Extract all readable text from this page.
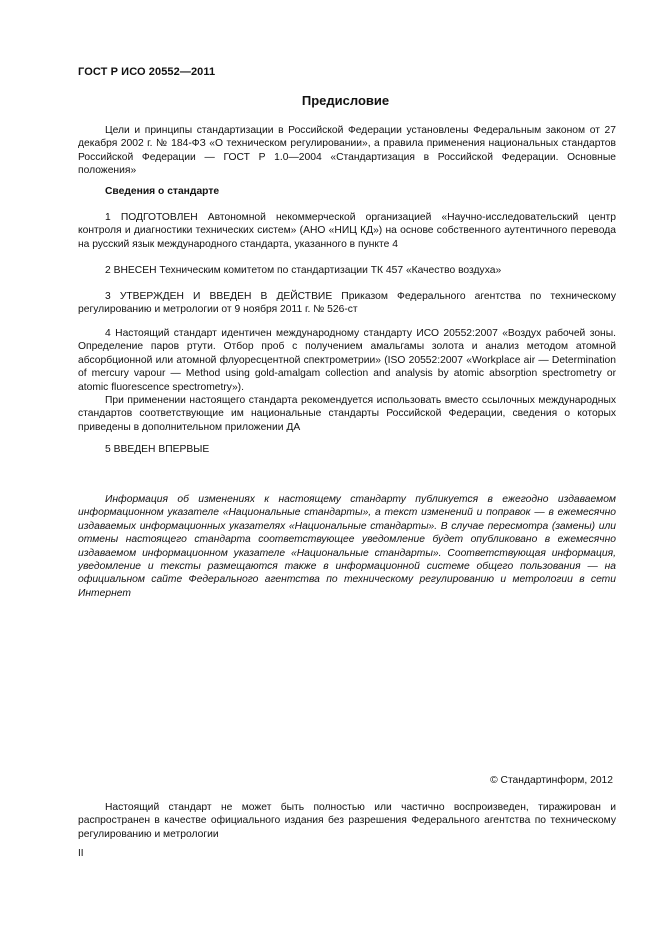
ГОСТ Р ИСО 20552—2011
Предисловие

Цели и принципы стандартизации в Российской Федерации установлены Федеральным законом от 27 декабря 2002 г. № 184-ФЗ «О техническом регулировании», а правила применения национальных стандартов Российской Федерации — ГОСТ Р 1.0—2004 «Стандартизация в Российской Федерации. Основные положения»

Сведения о стандарте

1 ПОДГОТОВЛЕН Автономной некоммерческой организацией «Научно-исследовательский центр контроля и диагностики технических систем» (АНО «НИЦ КД») на основе собственного аутентичного перевода на русский язык международного стандарта, указанного в пункте 4

2 ВНЕСЕН Техническим комитетом по стандартизации ТК 457 «Качество воздуха»

3 УТВЕРЖДЕН И ВВЕДЕН В ДЕЙСТВИЕ Приказом Федерального агентства по техническому регулированию и метрологии от 9 ноября 2011 г. № 526-ст

4 Настоящий стандарт идентичен международному стандарту ИСО 20552:2007 «Воздух рабочей зоны. Определение паров ртути. Отбор проб с получением амальгамы золота и анализ методом атомной абсорбционной или атомной флуоресцентной спектрометрии» (ISO 20552:2007 «Workplace air — Determination of mercury vapour — Method using gold-amalgam collection and analysis by atomic absorption spectrometry or atomic fluorescence spectrometry»).

При применении настоящего стандарта рекомендуется использовать вместо ссылочных международных стандартов соответствующие им национальные стандарты Российской Федерации, сведения о которых приведены в дополнительном приложении ДА

5 ВВЕДЕН ВПЕРВЫЕ

Информация об изменениях к настоящему стандарту публикуется в ежегодно издаваемом информационном указателе «Национальные стандарты», а текст изменений и поправок — в ежемесячно издаваемых информационных указателях «Национальные стандарты». В случае пересмотра (замены) или отмены настоящего стандарта соответствующее уведомление будет опубликовано в ежемесячно издаваемом информационном указателе «Национальные стандарты». Соответствующая информация, уведомление и тексты размещаются также в информационной системе общего пользования — на официальном сайте Федерального агентства по техническому регулированию и метрологии в сети Интернет

© Стандартинформ, 2012

Настоящий стандарт не может быть полностью или частично воспроизведен, тиражирован и распространен в качестве официального издания без разрешения Федерального агентства по техническому регулированию и метрологии

II
